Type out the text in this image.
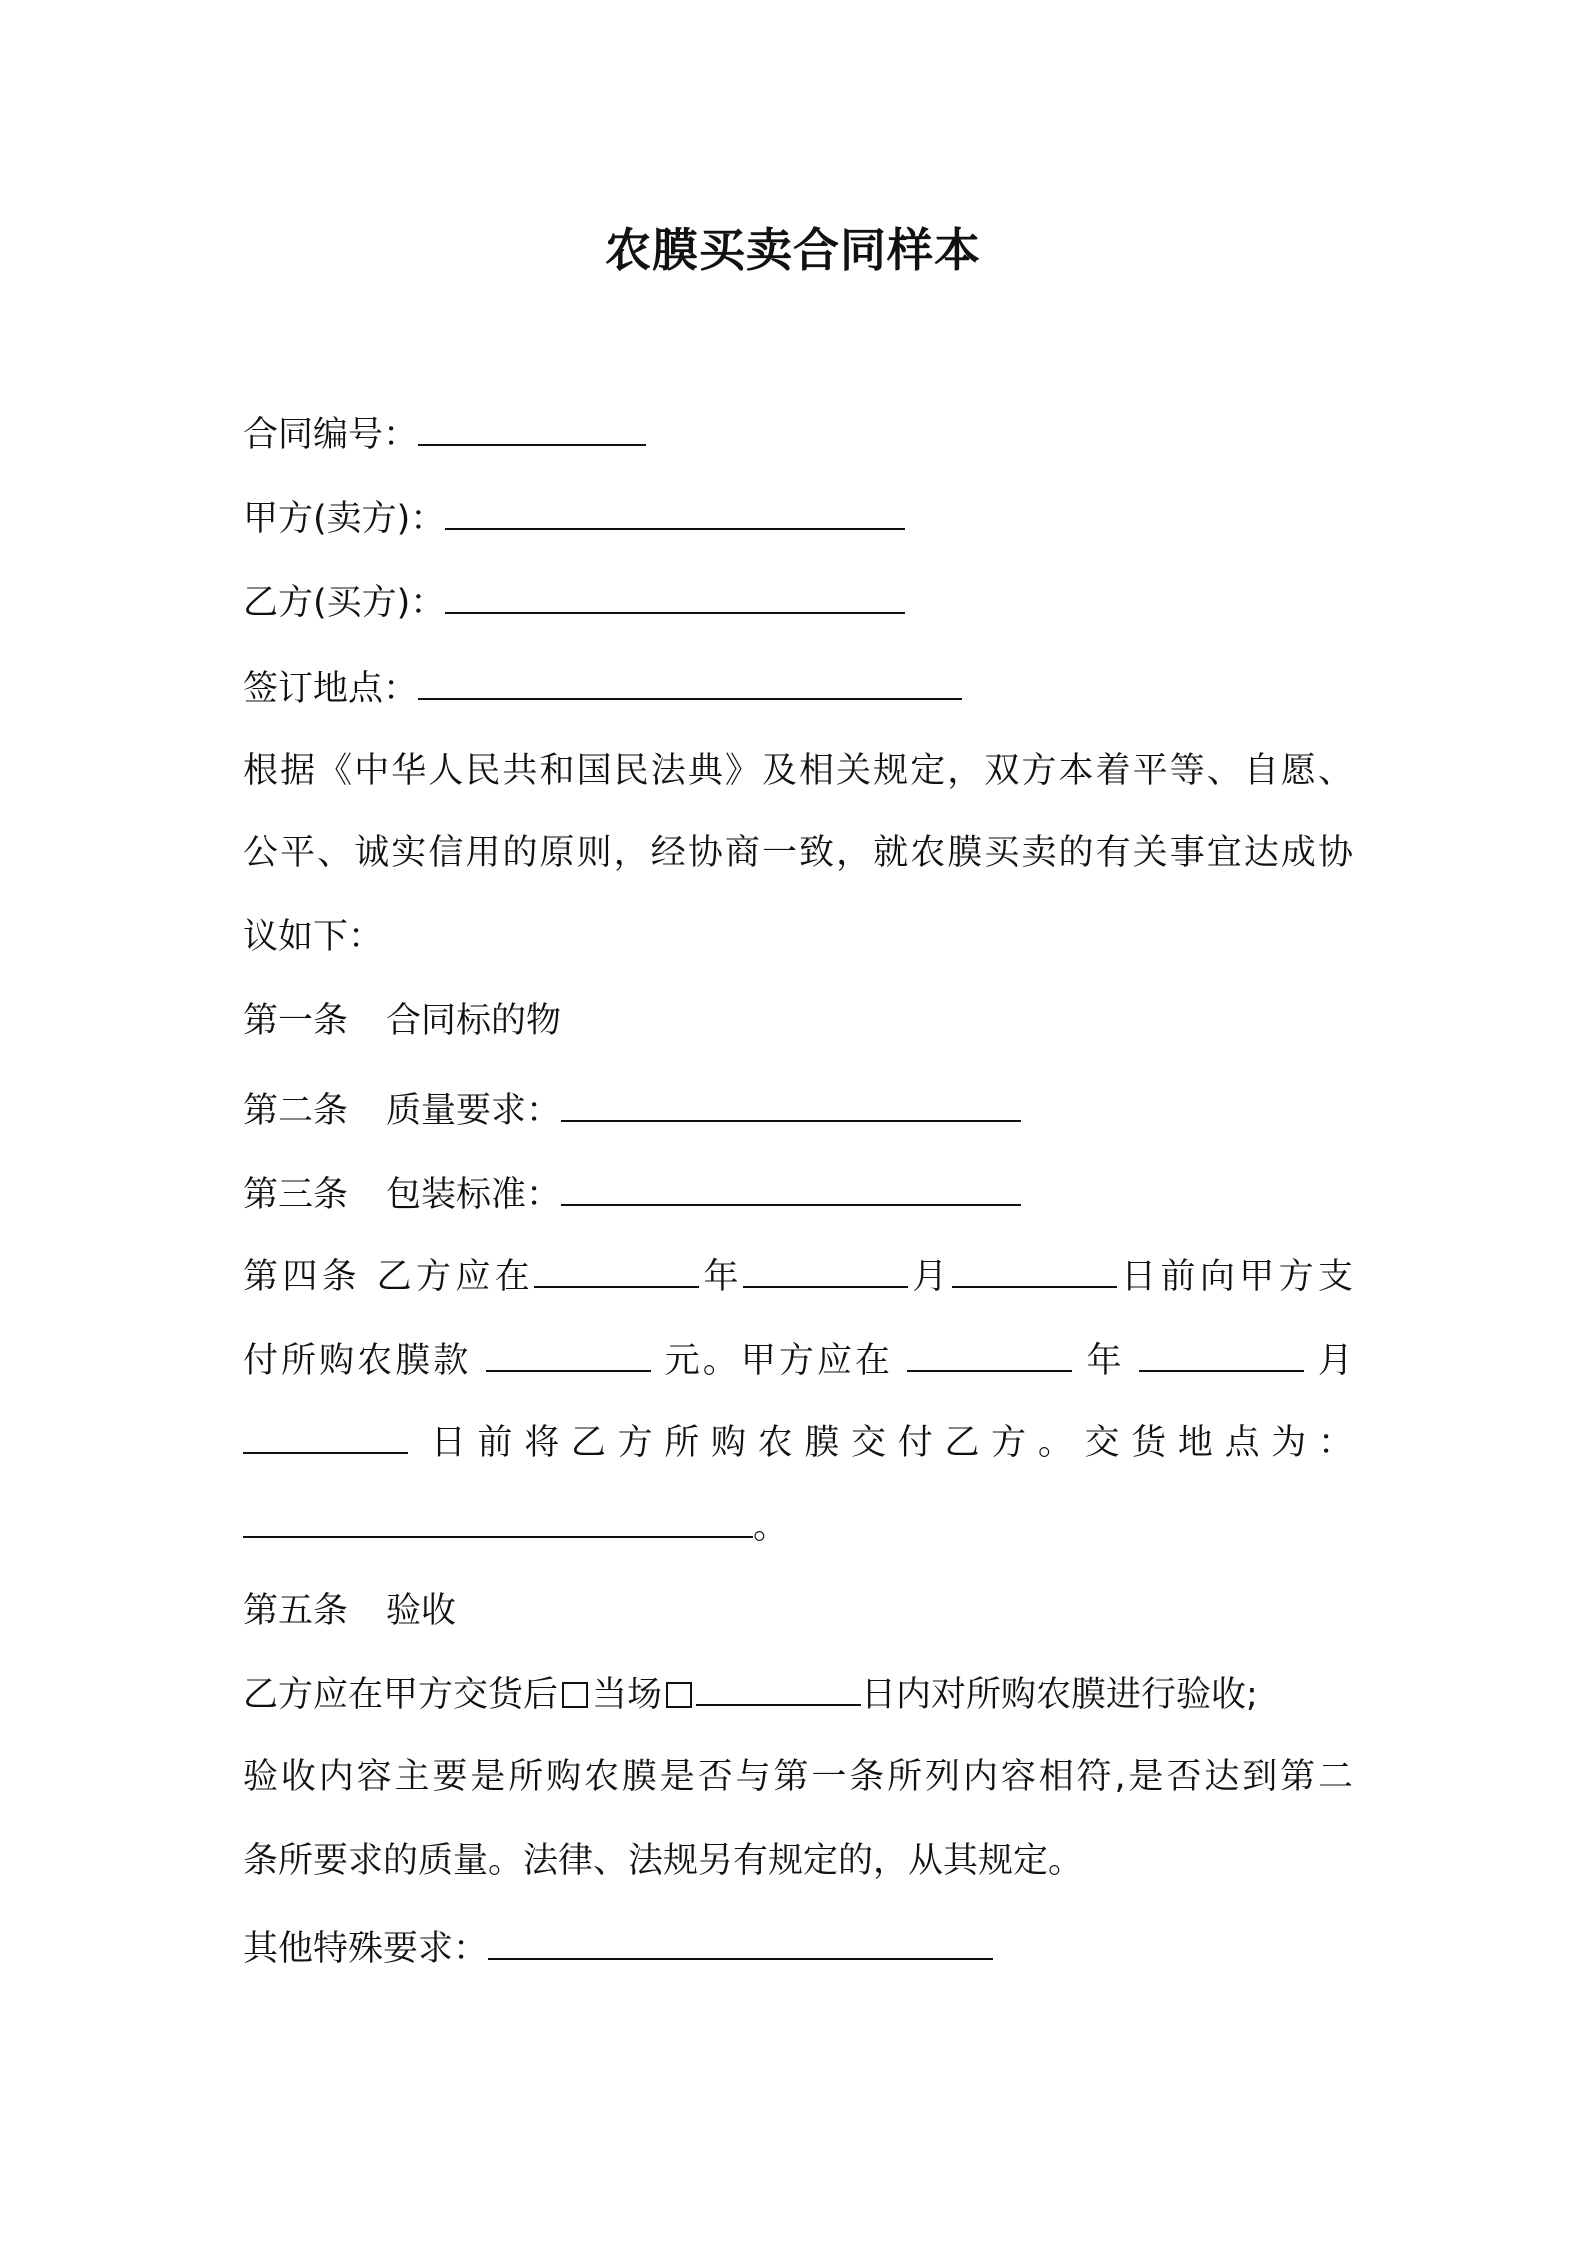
农膜买卖合同样本
合同编号：
甲方(卖方)：
乙方(买方)：
签订地点：
根据《中华人民共和国民法典》及相关规定，双方本着平等、自愿、
公平、诚实信用的原则，经协商一致，就农膜买卖的有关事宜达成协
议如下：
第一条 合同标的物
第二条 质量要求：
第三条 包装标准：
第四条 乙方应在	年	月	日前向甲方支
付所购农膜款	元。甲方应在	年	月
日前将乙方所购农膜交付乙方。交货地点为：
。
第五条 验收
乙方应在甲方交货后 当场	日内对所购农膜进行验收;
验收内容主要是所购农膜是否与第一条所列内容相符,是否达到第二
条所要求的质量。法律、法规另有规定的，从其规定。
其他特殊要求：
